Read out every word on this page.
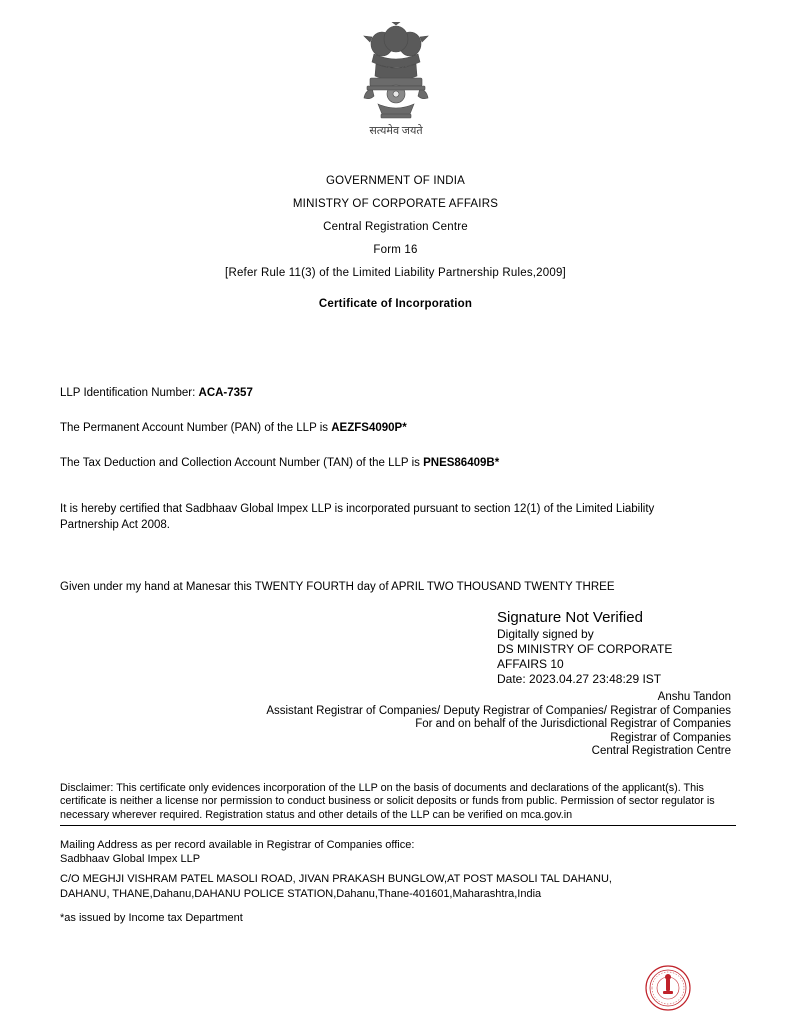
सत्यमेव जयते
GOVERNMENT OF INDIA
MINISTRY OF CORPORATE AFFAIRS
Central Registration Centre
Form 16
[Refer Rule 11(3) of the Limited Liability Partnership Rules,2009]
Certificate of Incorporation

LLP Identification Number: ACA-7357

The Permanent Account Number (PAN) of the LLP is AEZFS4090P*

The Tax Deduction and Collection Account Number (TAN) of the LLP is PNES86409B*

It is hereby certified that Sadbhaav Global Impex LLP is incorporated pursuant to section 12(1) of the Limited Liability Partnership Act 2008.
Given under my hand at Manesar this TWENTY FOURTH day of APRIL TWO THOUSAND TWENTY THREE
?
Signature Not Verified
Digitally signed by
DS MINISTRY OF CORPORATE
AFFAIRS 10
Date: 2023.04.27 23:48:29 IST
Anshu Tandon
Assistant Registrar of Companies/ Deputy Registrar of Companies/ Registrar of Companies
For and on behalf of the Jurisdictional Registrar of Companies
Registrar of Companies
Central Registration Centre
Disclaimer: This certificate only evidences incorporation of the LLP on the basis of documents and declarations of the applicant(s). This certificate is neither a license nor permission to conduct business or solicit deposits or funds from public. Permission of sector regulator is necessary wherever required. Registration status and other details of the LLP can be verified on mca.gov.in
Mailing Address as per record available in Registrar of Companies office:
Sadbhaav Global Impex LLP
C/O MEGHJI VISHRAM PATEL MASOLI ROAD, JIVAN PRAKASH BUNGLOW,AT POST MASOLI TAL DAHANU,
DAHANU, THANE,Dahanu,DAHANU POLICE STATION,Dahanu,Thane-401601,Maharashtra,India
*as issued by Income tax Department
